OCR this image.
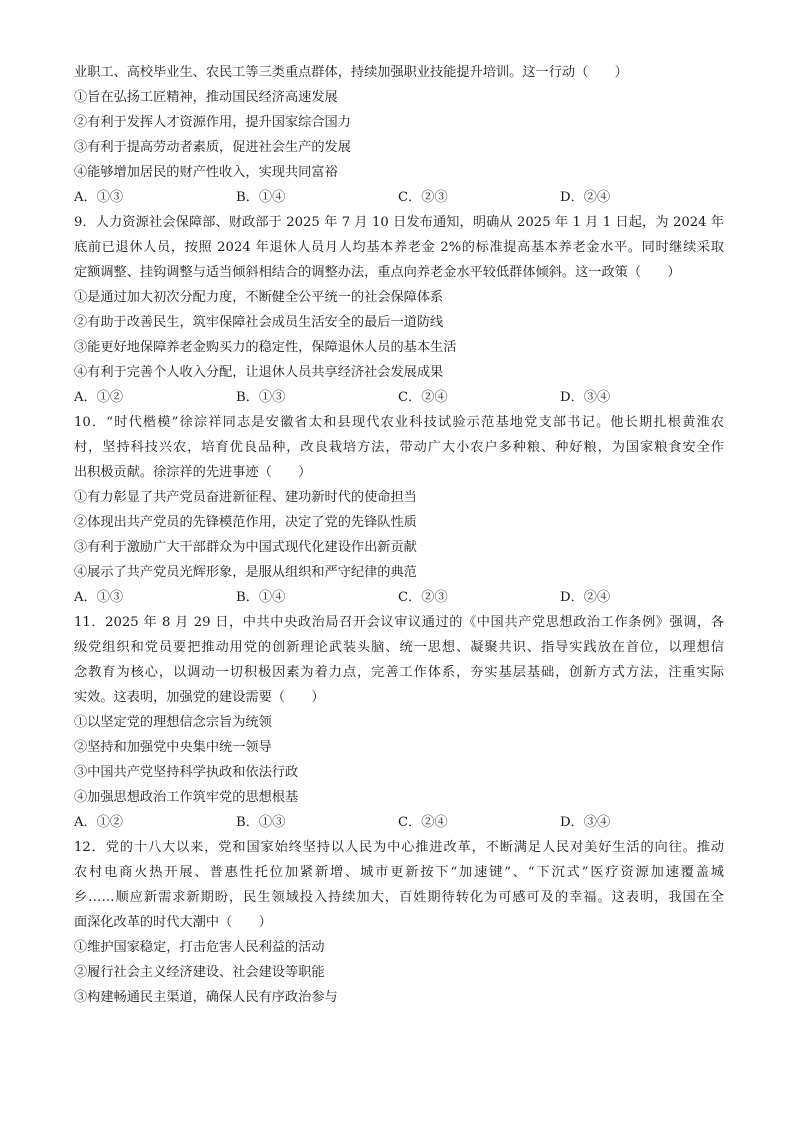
业职工、高校毕业生、农民工等三类重点群体，持续加强职业技能提升培训。这一行动（　　）
①旨在弘扬工匠精神，推动国民经济高速发展
②有利于发挥人才资源作用，提升国家综合国力
③有利于提高劳动者素质，促进社会生产的发展
④能够增加居民的财产性收入，实现共同富裕
A．①③	B．①④	C．②③	D．②④
9．人力资源社会保障部、财政部于 2025 年 7 月 10 日发布通知，明确从 2025 年 1 月 1 日起，为 2024 年
底前已退休人员，按照 2024 年退休人员月人均基本养老金 2%的标准提高基本养老金水平。同时继续采取
定额调整、挂钩调整与适当倾斜相结合的调整办法，重点向养老金水平较低群体倾斜。这一政策（　　）
①是通过加大初次分配力度，不断健全公平统一的社会保障体系
②有助于改善民生，筑牢保障社会成员生活安全的最后一道防线
③能更好地保障养老金购买力的稳定性，保障退休人员的基本生活
④有利于完善个人收入分配，让退休人员共享经济社会发展成果
A．①②	B．①③	C．②④	D．③④
10．“时代楷模”徐淙祥同志是安徽省太和县现代农业科技试验示范基地党支部书记。他长期扎根黄淮农
村，坚持科技兴农，培育优良品种，改良栽培方法，带动广大小农户多种粮、种好粮，为国家粮食安全作
出积极贡献。徐淙祥的先进事迹（　　）
①有力彰显了共产党员奋进新征程、建功新时代的使命担当
②体现出共产党员的先锋模范作用，决定了党的先锋队性质
③有利于激励广大干部群众为中国式现代化建设作出新贡献
④展示了共产党员光辉形象，是服从组织和严守纪律的典范
A．①③	B．①④	C．②③	D．②④
11．2025 年 8 月 29 日，中共中央政治局召开会议审议通过的《中国共产党思想政治工作条例》强调，各
级党组织和党员要把推动用党的创新理论武装头脑、统一思想、凝聚共识、指导实践放在首位，以理想信
念教育为核心，以调动一切积极因素为着力点，完善工作体系，夯实基层基础，创新方式方法，注重实际
实效。这表明，加强党的建设需要（　　）
①以坚定党的理想信念宗旨为统领
②坚持和加强党中央集中统一领导
③中国共产党坚持科学执政和依法行政
④加强思想政治工作筑牢党的思想根基
A．①②	B．①③	C．②④	D．③④
12．党的十八大以来，党和国家始终坚持以人民为中心推进改革，不断满足人民对美好生活的向往。推动
农村电商火热开展、普惠性托位加紧新增、城市更新按下“加速键”、“下沉式”医疗资源加速覆盖城
乡……顺应新需求新期盼，民生领域投入持续加大，百姓期待转化为可感可及的幸福。这表明，我国在全
面深化改革的时代大潮中（　　）
①维护国家稳定，打击危害人民利益的活动
②履行社会主义经济建设、社会建设等职能
③构建畅通民主渠道，确保人民有序政治参与
